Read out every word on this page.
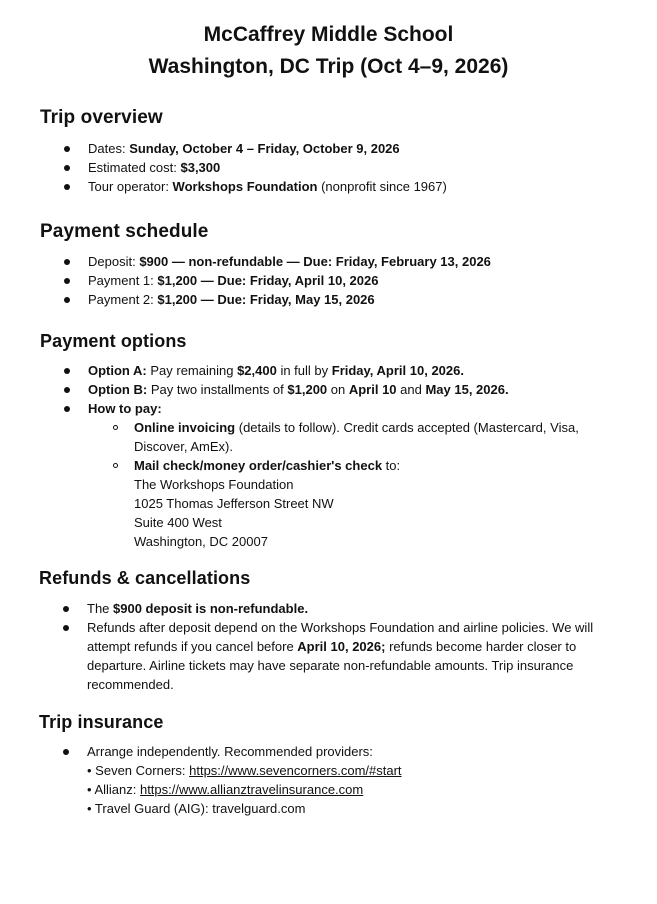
McCaffrey Middle School
Washington, DC Trip (Oct 4–9, 2026)
Trip overview
Dates: Sunday, October 4 – Friday, October 9, 2026
Estimated cost: $3,300
Tour operator: Workshops Foundation (nonprofit since 1967)
Payment schedule
Deposit: $900 — non-refundable — Due: Friday, February 13, 2026
Payment 1: $1,200 — Due: Friday, April 10, 2026
Payment 2: $1,200 — Due: Friday, May 15, 2026
Payment options
Option A: Pay remaining $2,400 in full by Friday, April 10, 2026.
Option B: Pay two installments of $1,200 on April 10 and May 15, 2026.
How to pay:
Online invoicing (details to follow). Credit cards accepted (Mastercard, Visa,
Discover, AmEx).
Mail check/money order/cashier's check to:
The Workshops Foundation
1025 Thomas Jefferson Street NW
Suite 400 West
Washington, DC 20007
Refunds & cancellations
The $900 deposit is non-refundable.
Refunds after deposit depend on the Workshops Foundation and airline policies. We will
attempt refunds if you cancel before April 10, 2026; refunds become harder closer to
departure. Airline tickets may have separate non-refundable amounts. Trip insurance
recommended.
Trip insurance
Arrange independently. Recommended providers:
• Seven Corners: https://www.sevencorners.com/#start
• Allianz: https://www.allianztravelinsurance.com
• Travel Guard (AIG): travelguard.com
